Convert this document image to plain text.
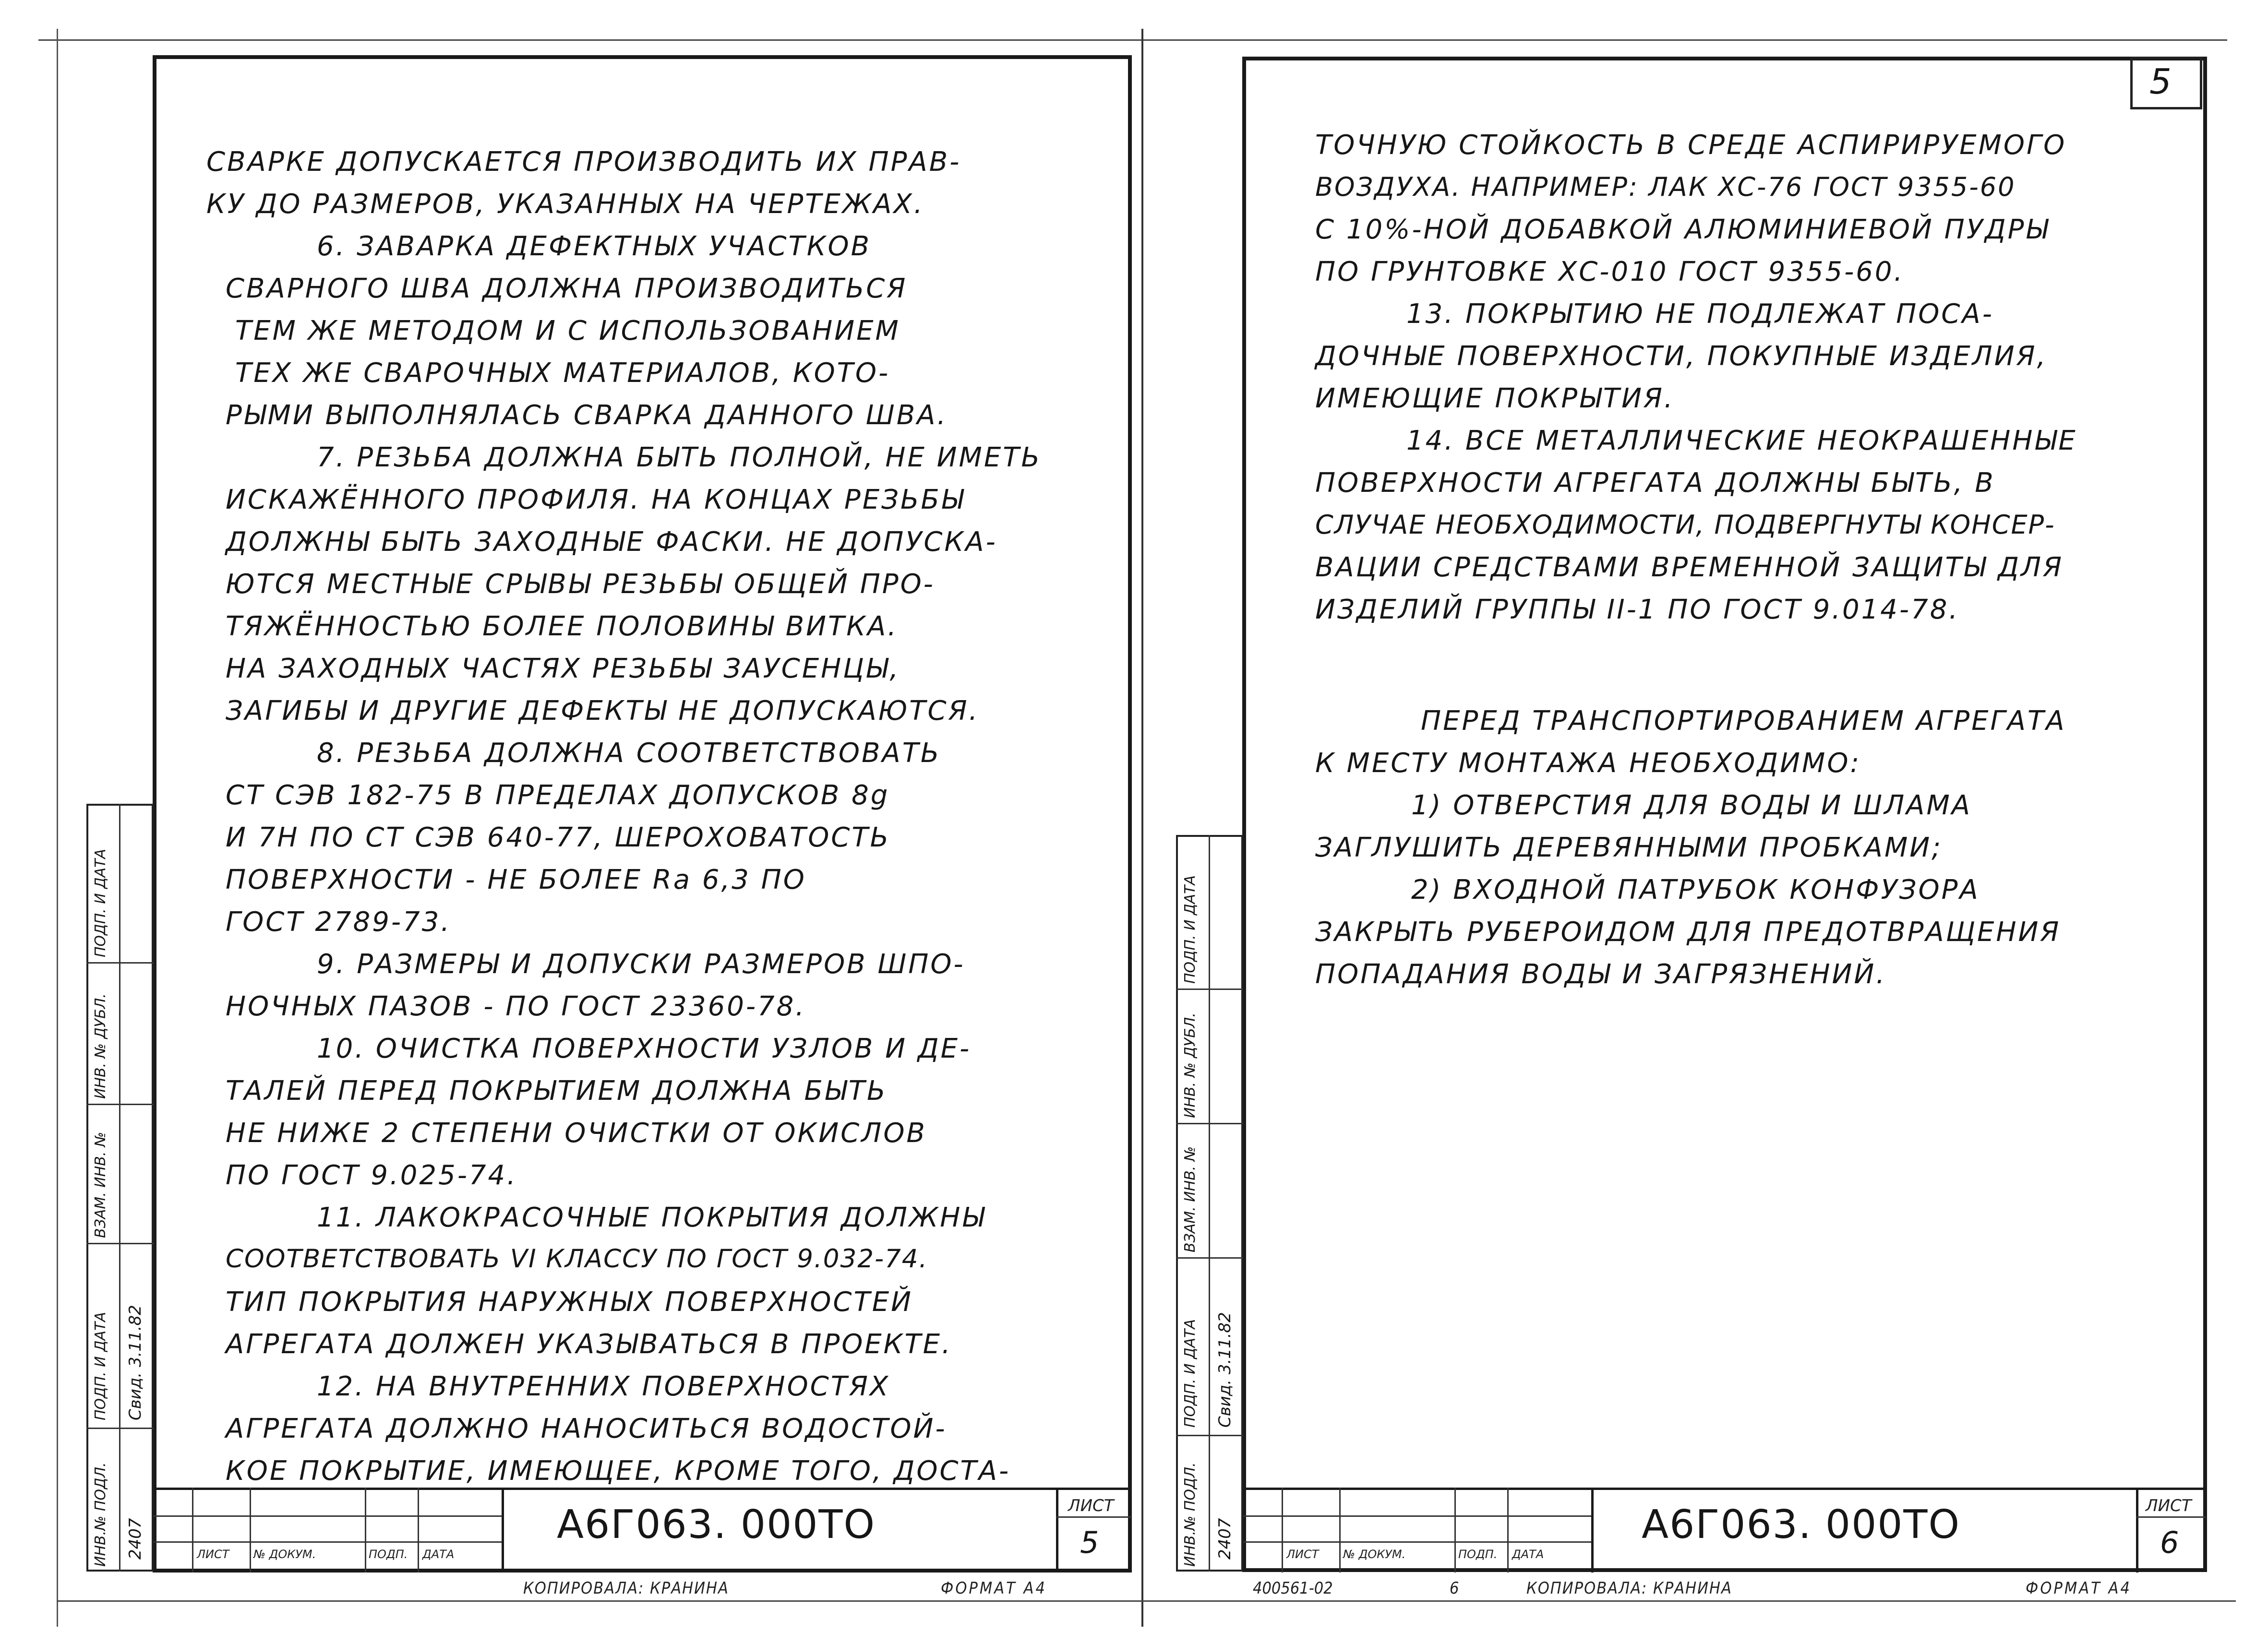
СВАРКЕ ДОПУСКАЕТСЯ ПРОИЗВОДИТЬ ИХ ПРАВ-
КУ ДО РАЗМЕРОВ, УКАЗАННЫХ НА ЧЕРТЕЖАХ.
6. ЗАВАРКА ДЕФЕКТНЫХ УЧАСТКОВ
СВАРНОГО ШВА ДОЛЖНА ПРОИЗВОДИТЬСЯ
ТЕМ ЖЕ МЕТОДОМ И С ИСПОЛЬЗОВАНИЕМ
ТЕХ ЖЕ СВАРОЧНЫХ МАТЕРИАЛОВ, КОТО-
РЫМИ ВЫПОЛНЯЛАСЬ СВАРКА ДАННОГО ШВА.
7. РЕЗЬБА ДОЛЖНА БЫТЬ ПОЛНОЙ, НЕ ИМЕТЬ
ИСКАЖЁННОГО ПРОФИЛЯ. НА КОНЦАХ РЕЗЬБЫ
ДОЛЖНЫ БЫТЬ ЗАХОДНЫЕ ФАСКИ. НЕ ДОПУСКА-
ЮТСЯ МЕСТНЫЕ СРЫВЫ РЕЗЬБЫ ОБЩЕЙ ПРО-
ТЯЖЁННОСТЬЮ БОЛЕЕ ПОЛОВИНЫ ВИТКА.
НА ЗАХОДНЫХ ЧАСТЯХ РЕЗЬБЫ ЗАУСЕНЦЫ,
ЗАГИБЫ И ДРУГИЕ ДЕФЕКТЫ НЕ ДОПУСКАЮТСЯ.
8. РЕЗЬБА ДОЛЖНА СООТВЕТСТВОВАТЬ
СТ СЭВ 182-75 В ПРЕДЕЛАХ ДОПУСКОВ 8g
И 7Н ПО СТ СЭВ 640-77, ШЕРОХОВАТОСТЬ
ПОВЕРХНОСТИ - НЕ БОЛЕЕ Ra 6,3 ПО
ГОСТ 2789-73.
9. РАЗМЕРЫ И ДОПУСКИ РАЗМЕРОВ ШПО-
НОЧНЫХ ПАЗОВ - ПО ГОСТ 23360-78.
10. ОЧИСТКА ПОВЕРХНОСТИ УЗЛОВ И ДЕ-
ТАЛЕЙ ПЕРЕД ПОКРЫТИЕМ ДОЛЖНА БЫТЬ
НЕ НИЖЕ 2 СТЕПЕНИ ОЧИСТКИ ОТ ОКИСЛОВ
ПО ГОСТ 9.025-74.
11. ЛАКОКРАСОЧНЫЕ ПОКРЫТИЯ ДОЛЖНЫ
СООТВЕТСТВОВАТЬ VI КЛАССУ ПО ГОСТ 9.032-74.
ТИП ПОКРЫТИЯ НАРУЖНЫХ ПОВЕРХНОСТЕЙ
АГРЕГАТА ДОЛЖЕН УКАЗЫВАТЬСЯ В ПРОЕКТЕ.
12. НА ВНУТРЕННИХ ПОВЕРХНОСТЯХ
АГРЕГАТА ДОЛЖНО НАНОСИТЬСЯ ВОДОСТОЙ-
КОЕ ПОКРЫТИЕ, ИМЕЮЩЕЕ, КРОМЕ ТОГО, ДОСТА-
ИНВ.№ ПОДЛ.
ПОДП. И ДАТА
ВЗАМ. ИНВ. №
ИНВ. № ДУБЛ.
ПОДП. И ДАТА
Свид. 3.11.82
2407	ЛИСТ № ДОКУМ.	ПОДП. ДАТА
А6Г063. 000ТО	ЛИСТ
5
КОПИРОВАЛА: КРАНИНА	ФОРМАТ А4
5
ТОЧНУЮ СТОЙКОСТЬ В СРЕДЕ АСПИРИРУЕМОГО
ВОЗДУХА. НАПРИМЕР: ЛАК ХС-76 ГОСТ 9355-60
С 10%-НОЙ ДОБАВКОЙ АЛЮМИНИЕВОЙ ПУДРЫ
ПО ГРУНТОВКЕ ХС-010 ГОСТ 9355-60.
13. ПОКРЫТИЮ НЕ ПОДЛЕЖАТ ПОСА-
ДОЧНЫЕ ПОВЕРХНОСТИ, ПОКУПНЫЕ ИЗДЕЛИЯ,
ИМЕЮЩИЕ ПОКРЫТИЯ.
14. ВСЕ МЕТАЛЛИЧЕСКИЕ НЕОКРАШЕННЫЕ
ПОВЕРХНОСТИ АГРЕГАТА ДОЛЖНЫ БЫТЬ, В
СЛУЧАЕ НЕОБХОДИМОСТИ, ПОДВЕРГНУТЫ КОНСЕР-
ВАЦИИ СРЕДСТВАМИ ВРЕМЕННОЙ ЗАЩИТЫ ДЛЯ
ИЗДЕЛИЙ ГРУППЫ II-1 ПО ГОСТ 9.014-78.
ПЕРЕД ТРАНСПОРТИРОВАНИЕМ АГРЕГАТА
К МЕСТУ МОНТАЖА НЕОБХОДИМО:
1) ОТВЕРСТИЯ ДЛЯ ВОДЫ И ШЛАМА
ЗАГЛУШИТЬ ДЕРЕВЯННЫМИ ПРОБКАМИ;
2) ВХОДНОЙ ПАТРУБОК КОНФУЗОРА
ЗАКРЫТЬ РУБЕРОИДОМ ДЛЯ ПРЕДОТВРАЩЕНИЯ
ПОПАДАНИЯ ВОДЫ И ЗАГРЯЗНЕНИЙ.
ИНВ.№ ПОДЛ.
ПОДП. И ДАТА
ВЗАМ. ИНВ. №
ИНВ. № ДУБЛ.
ПОДП. И ДАТА
Свид. 3.11.82
2407	ЛИСТ № ДОКУМ.	ПОДП. ДАТА
А6Г063. 000ТО	ЛИСТ
6
400561-02	6	КОПИРОВАЛА: КРАНИНА	ФОРМАТ А4
